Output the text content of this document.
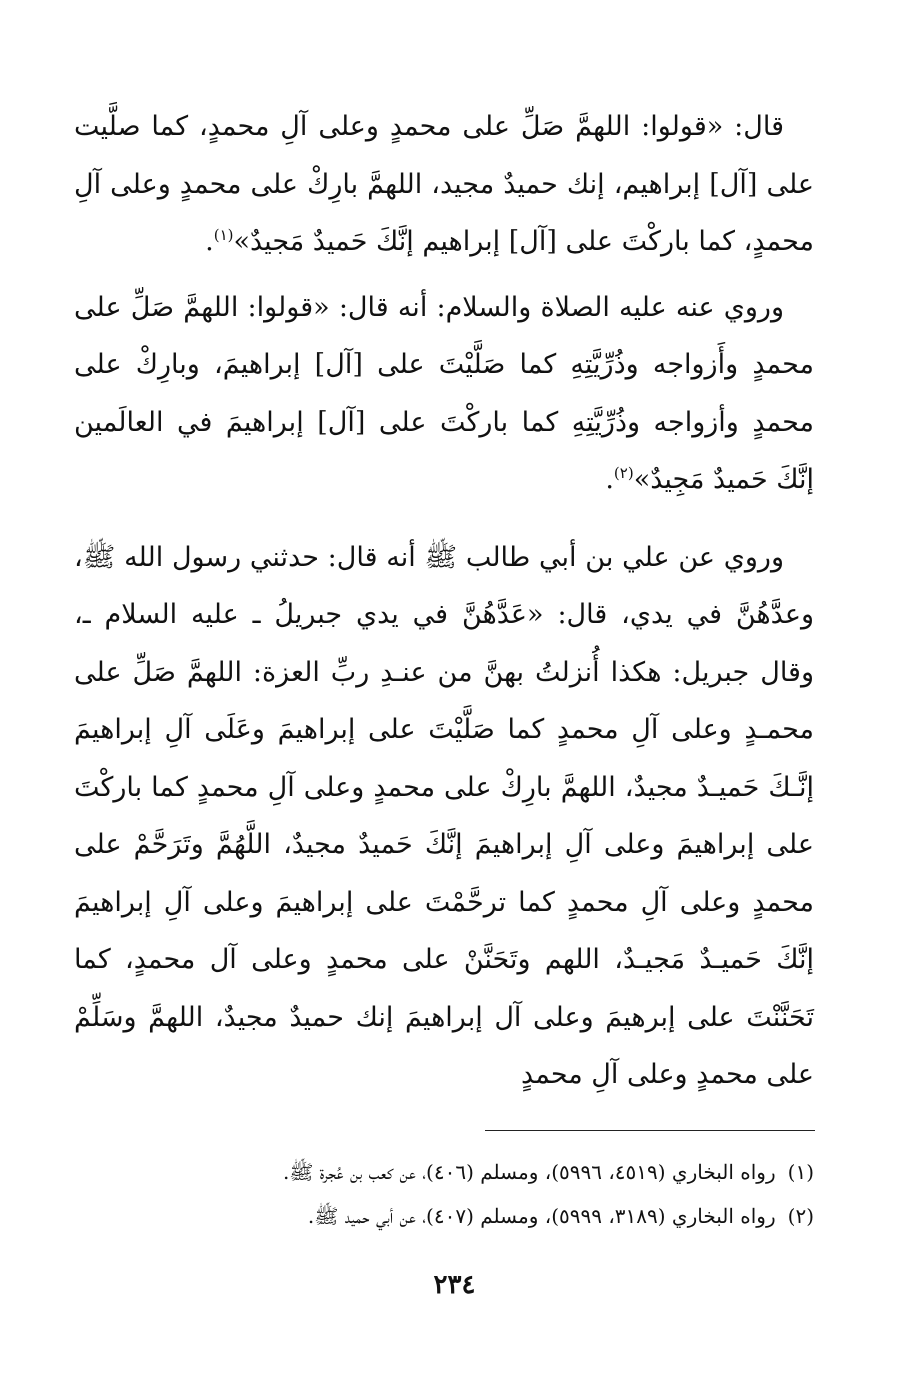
قال: «قولوا: اللهمَّ صَلِّ على محمدٍ وعلى آلِ محمدٍ، كما صلَّيت على [آل] إبراهيم، إنك حميدٌ مجيد، اللهمَّ بارِكْ على محمدٍ وعلى آلِ محمدٍ، كما باركْتَ على [آل] إبراهيم إنَّكَ حَميدٌ مَجيدٌ»$^{(١)}$.

وروي عنه عليه الصلاة والسلام: أنه قال: «قولوا: اللهمَّ صَلِّ على محمدٍ وأَزواجه وذُرِّيَّتِهِ كما صَلَّيْتَ على [آل] إبراهيمَ، وبارِكْ على محمدٍ وأزواجه وذُرِّيَّتِهِ كما باركْتَ على [آل] إبراهيمَ في العالَمين إنَّكَ حَميدٌ مَجِيدٌ»$^{(٢)}$.

وروي عن علي بن أبي طالب ﷺ أنه قال: حدثني رسول الله ﷺ، وعدَّهُنَّ في يدي، قال: «عَدَّهُنَّ في يدي جبريلُ ـ عليه السلام ـ، وقال جبريل: هكذا أُنزلتُ بهنَّ من عنـدِ ربِّ العزة: اللهمَّ صَلِّ على محمـدٍ وعلى آلِ محمدٍ كما صَلَّيْتَ على إبراهيمَ وعَلَى آلِ إبراهيمَ إنَّـكَ حَميـدٌ مجيدٌ، اللهمَّ بارِكْ على محمدٍ وعلى آلِ محمدٍ كما باركْتَ على إبراهيمَ وعلى آلِ إبراهيمَ إنَّكَ حَميدٌ مجيدٌ، اللَّهُمَّ وتَرَحَّمْ على محمدٍ وعلى آلِ محمدٍ كما ترحَّمْتَ على إبراهيمَ وعلى آلِ إبراهيمَ إنَّكَ حَميـدٌ مَجيـدٌ، اللهم وتَحَنَّنْ على محمدٍ وعلى آل محمدٍ، كما تَحَنَّنْتَ على إبرهيمَ وعلى آل إبراهيمَ إنك حميدٌ مجيدٌ، اللهمَّ وسَلِّمْ على محمدٍ وعلى آلِ محمدٍ

(١)رواه البخاري (٤٥١٩، ٥٩٩٦)، ومسلم (٤٠٦)، عن كعب بن عُجرة ﷺ.

(٢)رواه البخاري (٣١٨٩، ٥٩٩٩)، ومسلم (٤٠٧)، عن أبي حميد ﷺ.

٢٣٤
